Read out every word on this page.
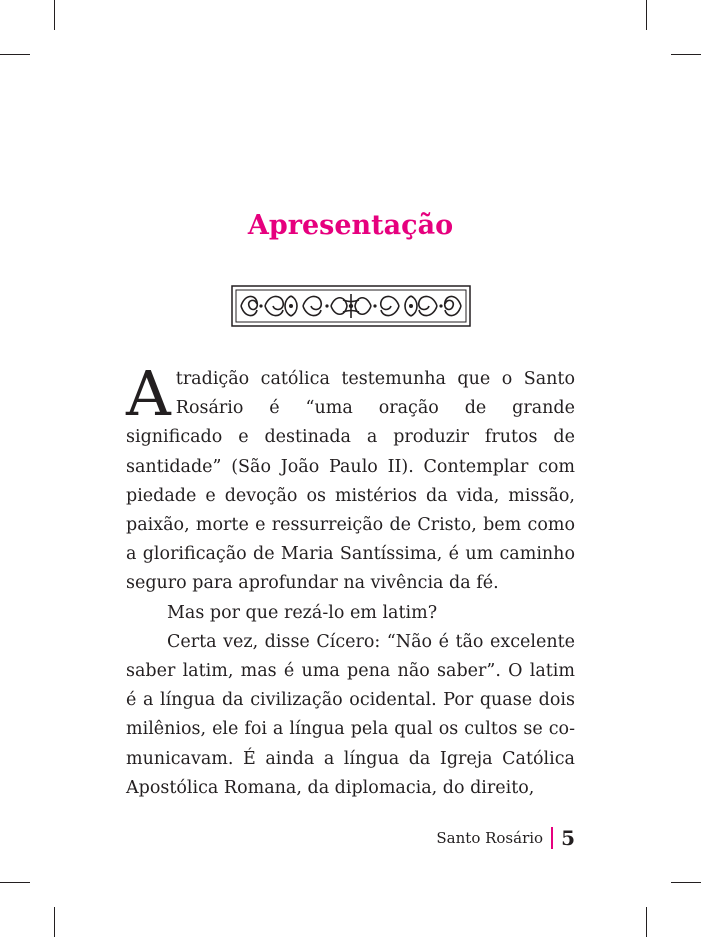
Apresentação

A tradição católica testemunha que o Santo Rosário é “uma oração de grande significado e destinada a produzir frutos de santidade” (São João Paulo II). Contemplar com piedade e devoção os mistérios da vida, missão, paixão, morte e ressurreição de Cristo, bem como a glorificação de Maria Santíssima, é um caminho seguro para aprofundar na vivência da fé.

Mas por que rezá-lo em latim?

Certa vez, disse Cícero: “Não é tão excelente saber latim, mas é uma pena não saber”. O latim é a língua da civilização ocidental. Por quase dois milênios, ele foi a língua pela qual os cultos se comunicavam. É ainda a língua da Igreja Católica Apostólica Romana, da diplomacia, do direito,

Santo Rosário 5
